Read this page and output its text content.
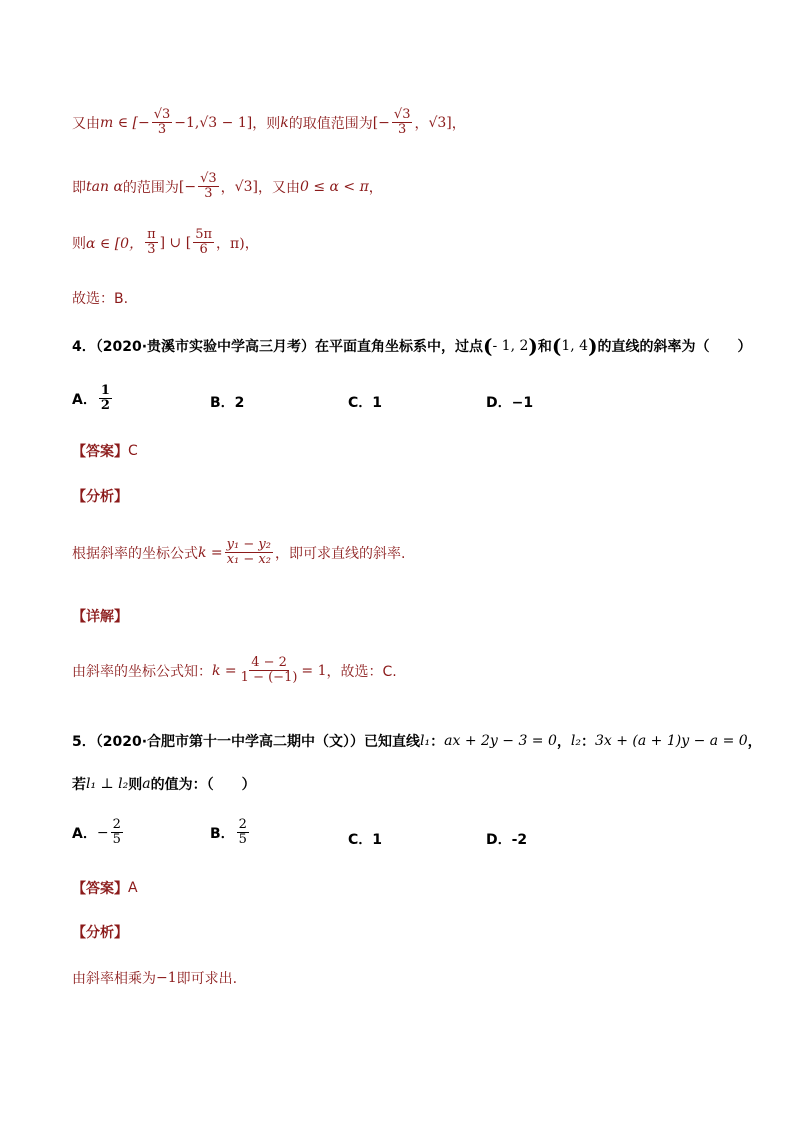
又由 m ∈ [− $\frac{√3}{3} -1$, √3 − 1] ，则 k 的取值范围为 [− $\frac{√3}{3}$ ， √3] ，
即 tan α 的范围为 [− $\frac{√3}{3}$ ， √3] ，又由 0 ≤ α < π ，
则 α ∈ [0， $\frac{\pi}{3}$ ] ∪ [ $\frac{5\pi}{6}$ ，π) ，
故选：B.
4．（2020·贵溪市实验中学高三月考）在平面直角坐标系中，过点 ( - 1, 2 ) 和 ( 1, 4 ) 的直线的斜率为（　　）
A． $\frac{1}{2}$	B．2	C．1	D．−1
【答案】 C
【分析】
根据斜率的坐标公式 $k = \frac{\text{y₁ − y₂}}{\text{x₁ − x₂}}$ ，即可求直线的斜率.
【详解】
由斜率的坐标公式知： $k = \frac{4 - 2}{1 - (-1)} = 1$ ，故选：C.
5．（2020·合肥市第十一中学高二期中（文））已知直线 l₁ ： ax + 2y − 3 = 0 ， l₂ ： 3x + (a + 1)y − a = 0 ，
若 l₁ ⊥ l₂ 则 a 的值为：（　　）
A． − $\frac{2}{5}$	B． $\frac{2}{5}$	C．1	D．-2
【答案】 A
【分析】
由斜率相乘为 −1 即可求出.
